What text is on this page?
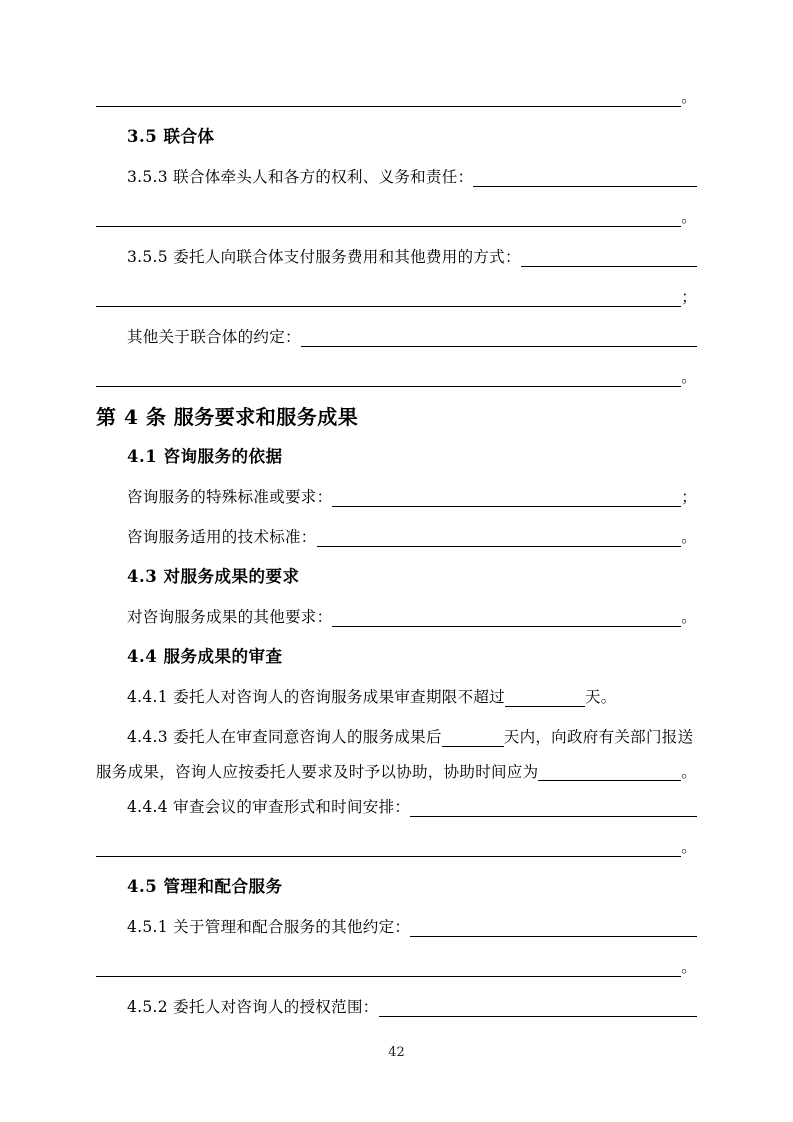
。
3.5 联合体
3.5.3 联合体牵头人和各方的权利、义务和责任：
。
3.5.5 委托人向联合体支付服务费用和其他费用的方式：
；
其他关于联合体的约定：
。
第 4 条 服务要求和服务成果
4.1 咨询服务的依据
咨询服务的特殊标准或要求：	；
咨询服务适用的技术标准：	。
4.3 对服务成果的要求
对咨询服务成果的其他要求：	。
4.4 服务成果的审查
4.4.1 委托人对咨询人的咨询服务成果审查期限不超过	天。
4.4.3 委托人在审查同意咨询人的服务成果后	天内，向政府有关部门报送
服务成果，咨询人应按委托人要求及时予以协助，协助时间应为	。
4.4.4 审查会议的审查形式和时间安排：
。
4.5 管理和配合服务
4.5.1 关于管理和配合服务的其他约定：
。
4.5.2 委托人对咨询人的授权范围：
42
